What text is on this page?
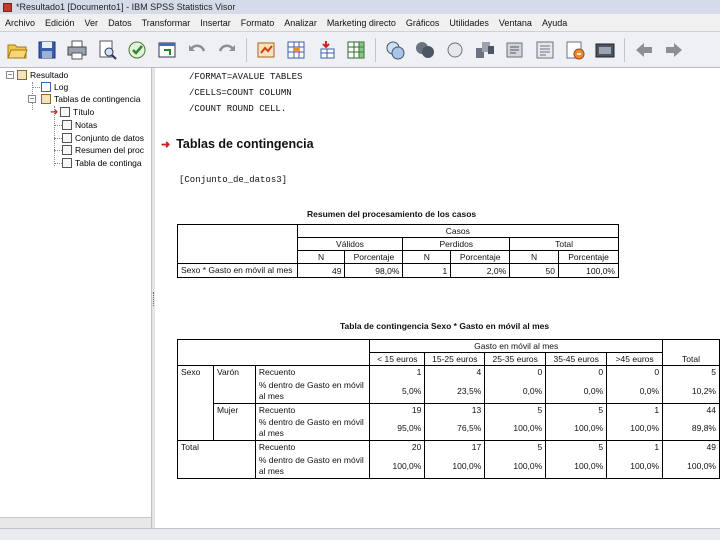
*Resultado1 [Documento1] - IBM SPSS Statistics Visor
Archivo	Edición	Ver	Datos	Transformar	Insertar	Formato	Analizar	Marketing directo	Gráficos	Utilidades	Ventana	Ayuda
− Resultado
Log
− Tablas de contingencia
➜ Título
Notas
Conjunto de datos
Resumen del proc
Tabla de continga
/FORMAT=AVALUE TABLES
/CELLS=COUNT COLUMN
/COUNT ROUND CELL.
➜ Tablas de contingencia
[Conjunto_de_datos3]
Resumen del procesamiento de los casos
	Casos					
	Válidos		Perdidos		Total	
	N	Porcentaje	N	Porcentaje	N	Porcentaje
Sexo * Gasto en móvil al mes	49	98,0%	1	2,0%	50	100,0%
Tabla de contingencia Sexo * Gasto en móvil al mes
			Gasto en móvil al mes					
			< 15 euros	15-25 euros	25-35 euros	35-45 euros	>45 euros	Total
Sexo	Varón	Recuento	1	4	0	0	0	5
		% dentro de Gasto en móvil al mes	5,0%	23,5%	0,0%	0,0%	0,0%	10,2%
	Mujer	Recuento	19	13	5	5	1	44
		% dentro de Gasto en móvil al mes	95,0%	76,5%	100,0%	100,0%	100,0%	89,8%
Total		Recuento	20	17	5	5	1	49
		% dentro de Gasto en móvil al mes	100,0%	100,0%	100,0%	100,0%	100,0%	100,0%
